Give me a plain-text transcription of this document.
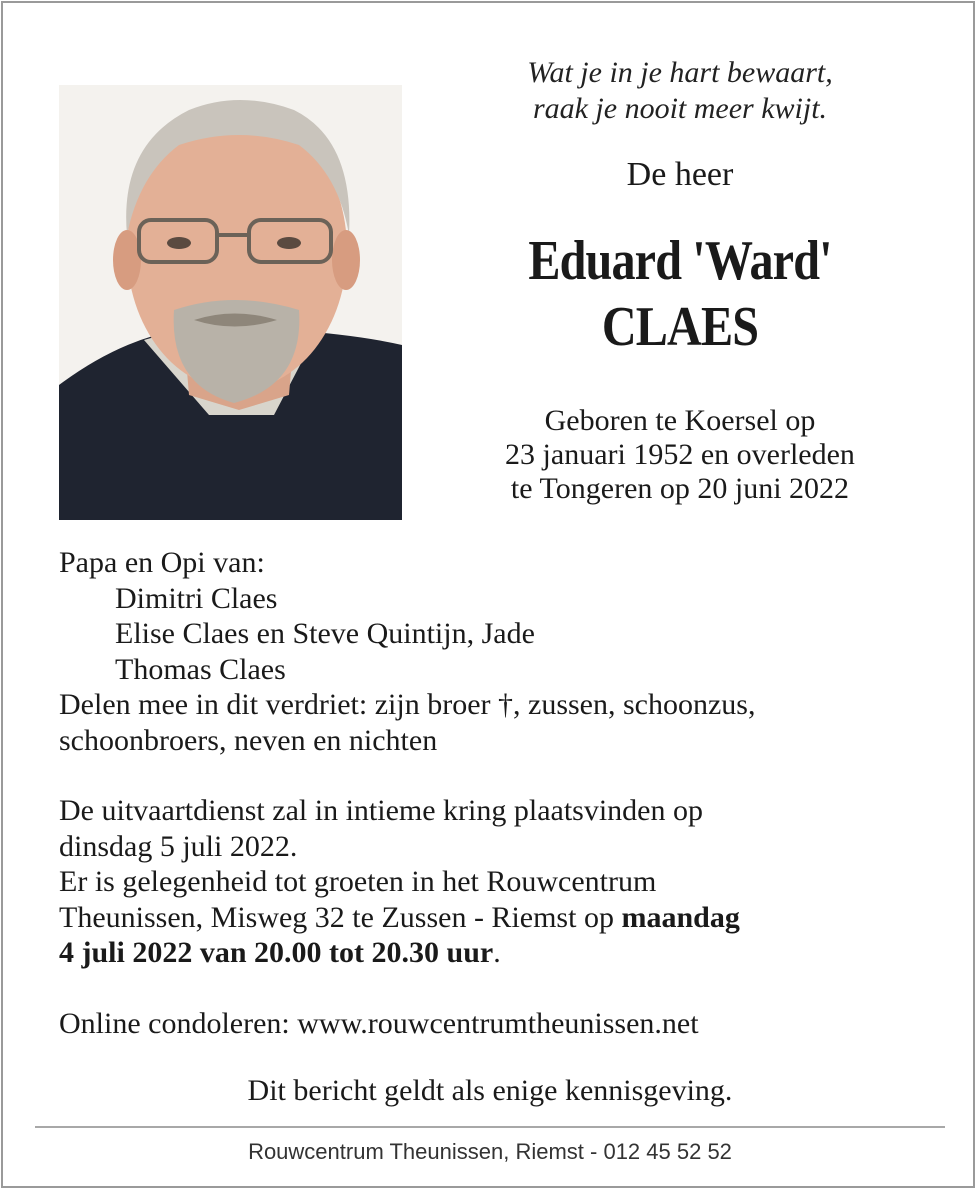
Wat je in je hart bewaart,
raak je nooit meer kwijt.
De heer
Eduard 'Ward'
CLAES
Geboren te Koersel op
23 januari 1952 en overleden
te Tongeren op 20 juni 2022

Papa en Opi van:

Dimitri Claes

Elise Claes en Steve Quintijn, Jade

Thomas Claes

Delen mee in dit verdriet: zijn broer †, zussen, schoonzus,

schoonbroers, neven en nichten

De uitvaartdienst zal in intieme kring plaatsvinden op

dinsdag 5 juli 2022.

Er is gelegenheid tot groeten in het Rouwcentrum

Theunissen, Misweg 32 te Zussen - Riemst op maandag

4 juli 2022 van 20.00 tot 20.30 uur.

Online condoleren: www.rouwcentrumtheunissen.net

Dit bericht geldt als enige kennisgeving.
Rouwcentrum Theunissen, Riemst - 012 45 52 52
